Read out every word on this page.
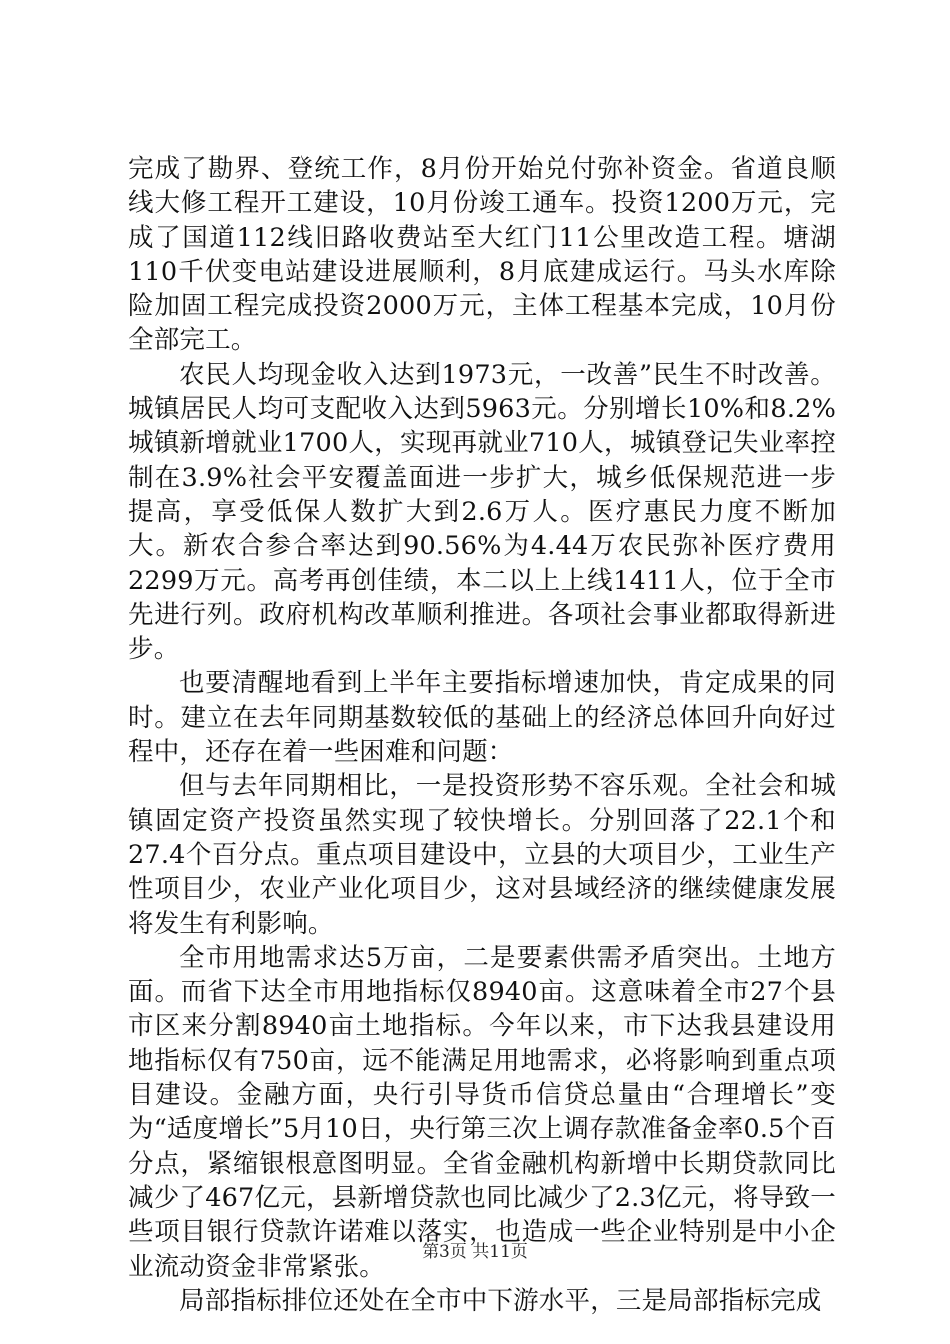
完成了勘界、登统工作，8月份开始兑付弥补资金。省道良顺线大修工程开工建设，10月份竣工通车。投资1200万元，完成了国道112线旧路收费站至大红门11公里改造工程。塘湖110千伏变电站建设进展顺利，8月底建成运行。马头水库除险加固工程完成投资2000万元，主体工程基本完成，10月份全部完工。

农民人均现金收入达到1973元，一改善”民生不时改善。城镇居民人均可支配收入达到5963元。分别增长10%和8.2%城镇新增就业1700人，实现再就业710人，城镇登记失业率控制在3.9%社会平安覆盖面进一步扩大，城乡低保规范进一步提高，享受低保人数扩大到2.6万人。医疗惠民力度不断加大。新农合参合率达到90.56%为4.44万农民弥补医疗费用2299万元。高考再创佳绩，本二以上上线1411人，位于全市先进行列。政府机构改革顺利推进。各项社会事业都取得新进步。

也要清醒地看到上半年主要指标增速加快，肯定成果的同时。建立在去年同期基数较低的基础上的经济总体回升向好过程中，还存在着一些困难和问题：

但与去年同期相比，一是投资形势不容乐观。全社会和城镇固定资产投资虽然实现了较快增长。分别回落了22.1个和27.4个百分点。重点项目建设中，立县的大项目少，工业生产性项目少，农业产业化项目少，这对县域经济的继续健康发展将发生有利影响。

全市用地需求达5万亩，二是要素供需矛盾突出。土地方面。而省下达全市用地指标仅8940亩。这意味着全市27个县市区来分割8940亩土地指标。今年以来，市下达我县建设用地指标仅有750亩，远不能满足用地需求，必将影响到重点项目建设。金融方面，央行引导货币信贷总量由“合理增长”变为“适度增长”5月10日，央行第三次上调存款准备金率0.5个百分点，紧缩银根意图明显。全省金融机构新增中长期贷款同比减少了467亿元，县新增贷款也同比减少了2.3亿元，将导致一些项目银行贷款许诺难以落实，也造成一些企业特别是中小企业流动资金非常紧张。

局部指标排位还处在全市中下游水平，三是局部指标完成

第3页 共11页
